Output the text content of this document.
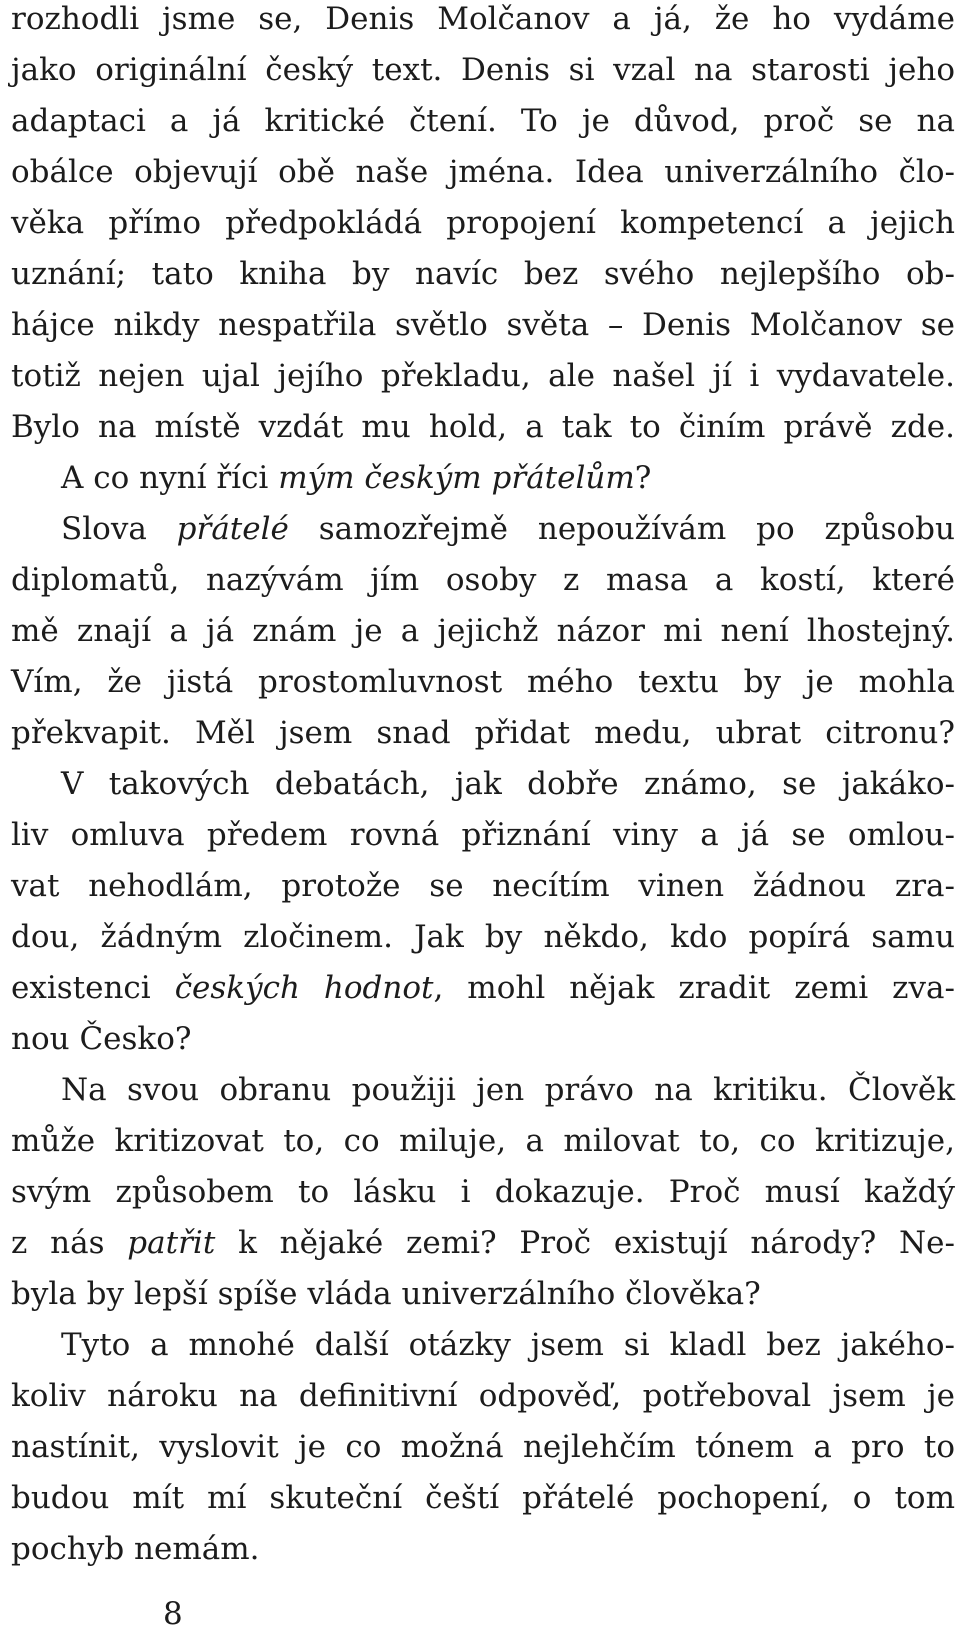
rozhodli jsme se, Denis Molčanov a já, že ho vydáme
jako originální český text. Denis si vzal na starosti jeho
adaptaci a já kritické čtení. To je důvod, proč se na
obálce objevují obě naše jména. Idea univerzálního člo-
věka přímo předpokládá propojení kompetencí a jejich
uznání; tato kniha by navíc bez svého nejlepšího ob-
hájce nikdy nespatřila světlo světa – Denis Molčanov se
totiž nejen ujal jejího překladu, ale našel jí i vydavatele.
Bylo na místě vzdát mu hold, a tak to činím právě zde.
A co nyní říci mým českým přátelům?
Slova přátelé samozřejmě nepoužívám po způsobu
diplomatů, nazývám jím osoby z masa a kostí, které
mě znají a já znám je a jejichž názor mi není lhostejný.
Vím, že jistá prostomluvnost mého textu by je mohla
překvapit. Měl jsem snad přidat medu, ubrat citronu?
V takových debatách, jak dobře známo, se jakáko-
liv omluva předem rovná přiznání viny a já se omlou-
vat nehodlám, protože se necítím vinen žádnou zra-
dou, žádným zločinem. Jak by někdo, kdo popírá samu
existenci českých hodnot, mohl nějak zradit zemi zva-
nou Česko?
Na svou obranu použiji jen právo na kritiku. Člověk
může kritizovat to, co miluje, a milovat to, co kritizuje,
svým způsobem to lásku i dokazuje. Proč musí každý
z nás patřit k nějaké zemi? Proč existují národy? Ne-
byla by lepší spíše vláda univerzálního člověka?
Tyto a mnohé další otázky jsem si kladl bez jakého-
koliv nároku na definitivní odpověď, potřeboval jsem je
nastínit, vyslovit je co možná nejlehčím tónem a pro to
budou mít mí skuteční čeští přátelé pochopení, o tom
pochyb nemám.
8
